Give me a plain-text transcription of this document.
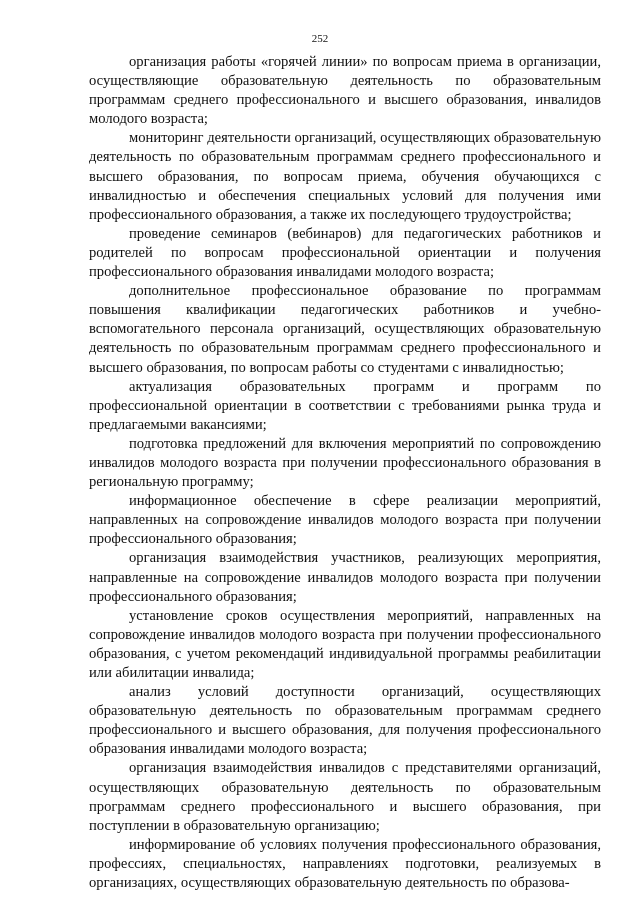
252

организация работы «горячей линии» по вопросам приема в организации, осуществляющие образовательную деятельность по образовательным программам среднего профессионального и высшего образования, инвалидов молодого возраста;

мониторинг деятельности организаций, осуществляющих образовательную деятельность по образовательным программам среднего профессионального и высшего образования, по вопросам приема, обучения обучающихся с инвалидностью и обеспечения специальных условий для получения ими профессионального образования, а также их последующего трудоустройства;

проведение семинаров (вебинаров) для педагогических работников и родителей по вопросам профессиональной ориентации и получения профессионального образования инвалидами молодого возраста;

дополнительное профессиональное образование по программам повышения квалификации педагогических работников и учебно-вспомогательного персонала организаций, осуществляющих образовательную деятельность по образовательным программам среднего профессионального и высшего образования, по вопросам работы со студентами с инвалидностью;

актуализация образовательных программ и программ по профессиональной ориентации в соответствии с требованиями рынка труда и предлагаемыми вакансиями;

подготовка предложений для включения мероприятий по сопровождению инвалидов молодого возраста при получении профессионального образования в региональную программу;

информационное обеспечение в сфере реализации мероприятий, направленных на сопровождение инвалидов молодого возраста при получении профессионального образования;

организация взаимодействия участников, реализующих мероприятия, направленные на сопровождение инвалидов молодого возраста при получении профессионального образования;

установление сроков осуществления мероприятий, направленных на сопровождение инвалидов молодого возраста при получении профессионального образования, с учетом рекомендаций индивидуальной программы реабилитации или абилитации инвалида;

анализ условий доступности организаций, осуществляющих образовательную деятельность по образовательным программам среднего профессионального и высшего образования, для получения профессионального образования инвалидами молодого возраста;

организация взаимодействия инвалидов с представителями организаций, осуществляющих образовательную деятельность по образовательным программам среднего профессионального и высшего образования, при поступлении в образовательную организацию;

информирование об условиях получения профессионального образования, профессиях, специальностях, направлениях подготовки, реализуемых в организациях, осуществляющих образовательную деятельность по образова-
